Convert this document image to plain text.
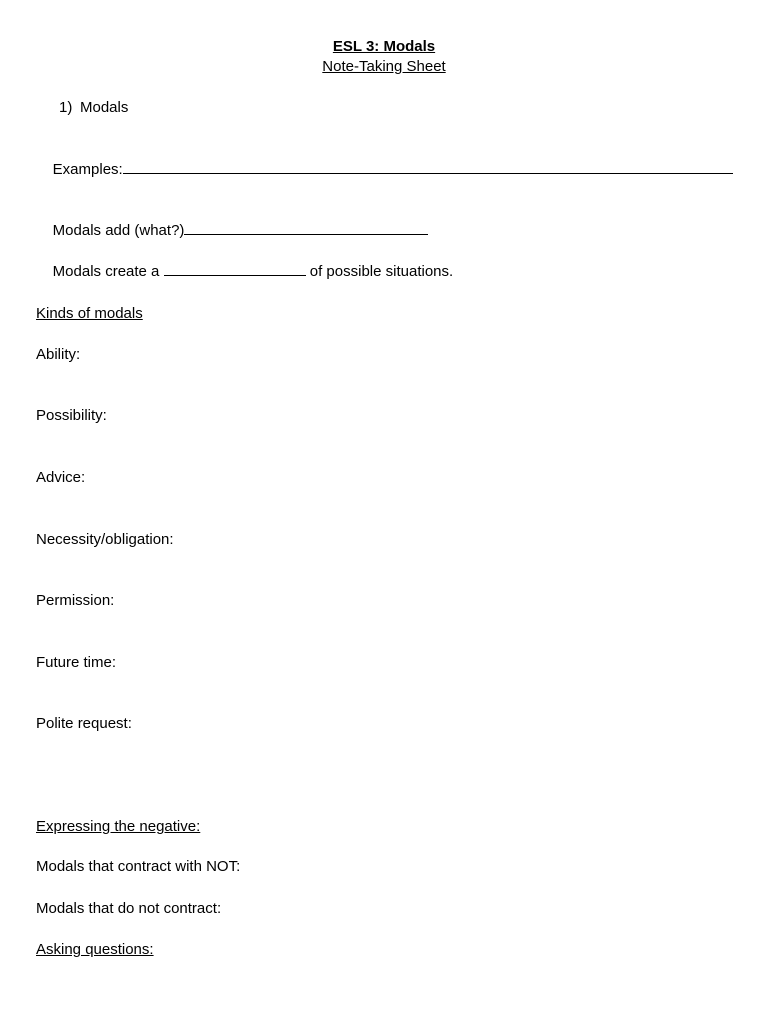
ESL 3: Modals
Note-Taking Sheet
1) Modals

Examples:

Modals add (what?)

Modals create a	of possible situations.

Kinds of modals
Ability:
Possibility:
Advice:
Necessity/obligation:
Permission:
Future time:
Polite request:
Expressing the negative:
Modals that contract with NOT:
Modals that do not contract:
Asking questions:
